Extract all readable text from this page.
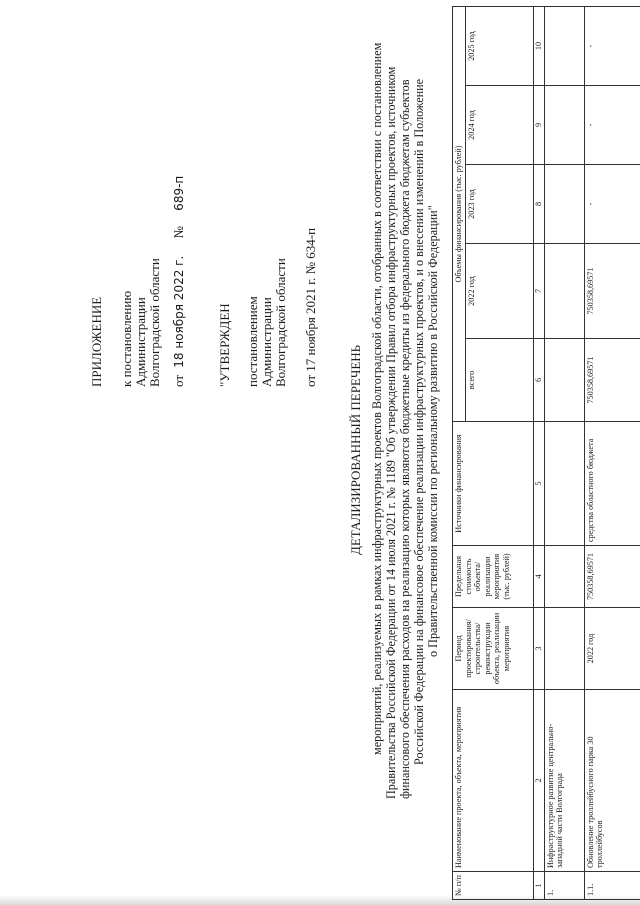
ПРИЛОЖЕНИЕ к постановлению Администрации Волгоградской области от 18 ноября 2022 г. № 689-п
"УТВЕРЖДЕН постановлением Администрации Волгоградской области от 17 ноября 2021 г. № 634-п
ДЕТАЛИЗИРОВАННЫЙ ПЕРЕЧЕНЬ мероприятий, реализуемых в рамках инфраструктурных проектов Волгоградской области, отобранных в соответствии с постановлением Правительства Российской Федерации от 14 июля 2021 г. № 1189 "Об утверждении Правил отбора инфраструктурных проектов, источником финансового обеспечения расходов на реализацию которых являются бюджетные кредиты из федерального бюджета бюджетам субъектов Российской Федерации на финансовое обеспечение реализации инфраструктурных проектов, и о внесении изменений в Положение о Правительственной комиссии по региональному развитию в Российской Федерации"
№ п/п	Наименование проекта, объекта, мероприятия	Период проектирования/ строительства/ реконструкции объекта, реализации мероприятия	Предельная стоимость объекта/ реализации мероприятия (тыс. рублей)	Источники финансирования	Объемы финансирования (тыс. рублей)				
					всего	2022 год	2023 год	2024 год	2025 год
1	2	3	4	5	6	7	8	9	10
1.	Инфраструктурное развитие центрально-западной части Волгограда								
1.1.	Обновление троллейбусного парка 30 троллейбусов	2022 год	750358,69571	средства областного бюджета	750358,69571	750358,69571	-	-	-
